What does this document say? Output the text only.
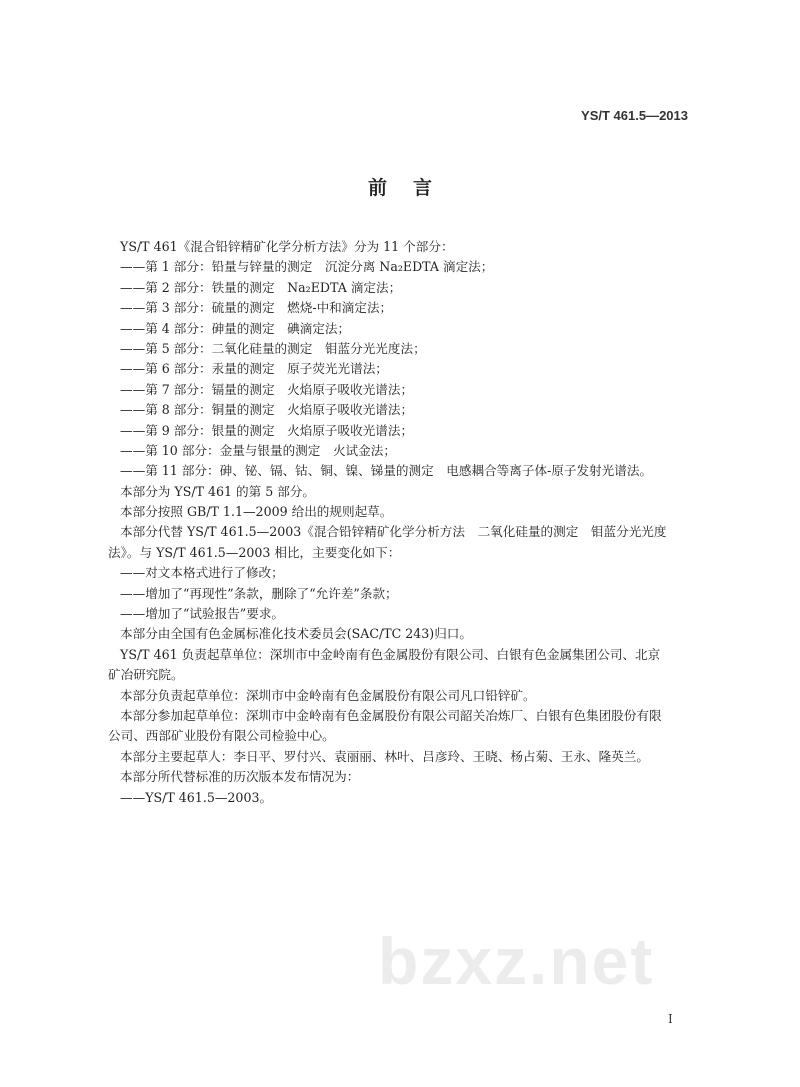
YS/T 461.5—2013
前言
YS/T 461《混合铅锌精矿化学分析方法》分为 11 个部分：
——第 1 部分：铅量与锌量的测定　沉淀分离 Na₂EDTA 滴定法；
——第 2 部分：铁量的测定　Na₂EDTA 滴定法；
——第 3 部分：硫量的测定　燃烧-中和滴定法；
——第 4 部分：砷量的测定　碘滴定法；
——第 5 部分：二氧化硅量的测定　钼蓝分光光度法；
——第 6 部分：汞量的测定　原子荧光光谱法；
——第 7 部分：镉量的测定　火焰原子吸收光谱法；
——第 8 部分：铜量的测定　火焰原子吸收光谱法；
——第 9 部分：银量的测定　火焰原子吸收光谱法；
——第 10 部分：金量与银量的测定　火试金法；
——第 11 部分：砷、铋、镉、钴、铜、镍、锑量的测定　电感耦合等离子体-原子发射光谱法。
本部分为 YS/T 461 的第 5 部分。
本部分按照 GB/T 1.1—2009 给出的规则起草。
本部分代替 YS/T 461.5—2003《混合铅锌精矿化学分析方法　二氧化硅量的测定　钼蓝分光光度
法》。与 YS/T 461.5—2003 相比，主要变化如下：
——对文本格式进行了修改；
——增加了“再现性”条款，删除了“允许差”条款；
——增加了“试验报告”要求。
本部分由全国有色金属标准化技术委员会(SAC/TC 243)归口。
YS/T 461 负责起草单位：深圳市中金岭南有色金属股份有限公司、白银有色金属集团公司、北京
矿冶研究院。
本部分负责起草单位：深圳市中金岭南有色金属股份有限公司凡口铅锌矿。
本部分参加起草单位：深圳市中金岭南有色金属股份有限公司韶关冶炼厂、白银有色集团股份有限
公司、西部矿业股份有限公司检验中心。
本部分主要起草人：李日平、罗付兴、袁丽丽、林叶、吕彦玲、王晓、杨占菊、王永、隆英兰。
本部分所代替标准的历次版本发布情况为：
——YS/T 461.5—2003。
bzxz.net
I
